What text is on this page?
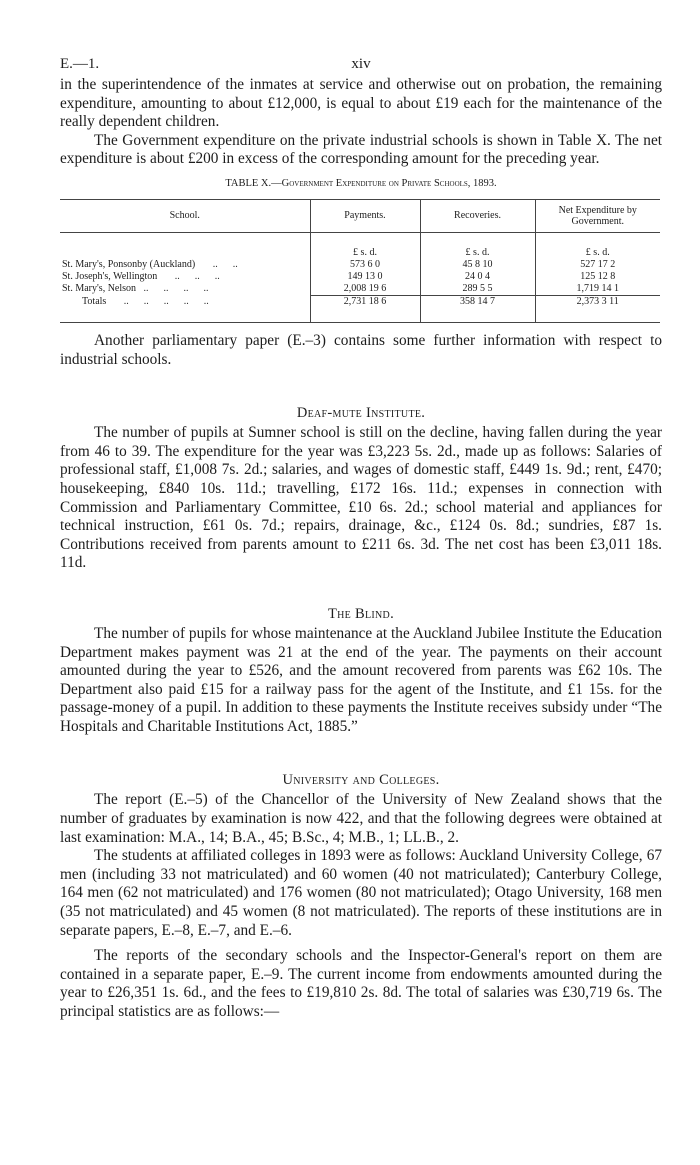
E.—1.	xiv

in the superintendence of the inmates at service and otherwise out on probation, the remaining expenditure, amounting to about £12,000, is equal to about £19 each for the maintenance of the really dependent children.

The Government expenditure on the private industrial schools is shown in Table X. The net expenditure is about £200 in excess of the corresponding amount for the preceding year.

TABLE X.—Government Expenditure on Private Schools, 1893.
School.	Payments.	Recoveries.	Net Expenditure by Government.

	£ s. d.	£ s. d.	£ s. d.
St. Mary's, Ponsonby (Auckland)       ..      ..	573 6 0	45 8 10	527 17 2
St. Joseph's, Wellington       ..      ..      ..	149 13 0	24 0 4	125 12 8
St. Mary's, Nelson   ..      ..      ..      ..	2,008 19 6	289 5 5	1,719 14 1
Totals       ..      ..      ..      ..      ..	2,731 18 6	358 14 7	2,373 3 11

Another parliamentary paper (E.–3) contains some further information with respect to industrial schools.

Deaf-mute Institute.

The number of pupils at Sumner school is still on the decline, having fallen during the year from 46 to 39. The expenditure for the year was £3,223 5s. 2d., made up as follows: Salaries of professional staff, £1,008 7s. 2d.; salaries, and wages of domestic staff, £449 1s. 9d.; rent, £470; housekeeping, £840 10s. 11d.; travelling, £172 16s. 11d.; expenses in connection with Commission and Parliamentary Committee, £10 6s. 2d.; school material and appliances for technical instruction, £61 0s. 7d.; repairs, drainage, &c., £124 0s. 8d.; sundries, £87 1s. Contributions received from parents amount to £211 6s. 3d. The net cost has been £3,011 18s. 11d.

The Blind.

The number of pupils for whose maintenance at the Auckland Jubilee Institute the Education Department makes payment was 21 at the end of the year. The payments on their account amounted during the year to £526, and the amount recovered from parents was £62 10s. The Department also paid £15 for a railway pass for the agent of the Institute, and £1 15s. for the passage-money of a pupil. In addition to these payments the Institute receives subsidy under “The Hospitals and Charitable Institutions Act, 1885.”

University and Colleges.

The report (E.–5) of the Chancellor of the University of New Zealand shows that the number of graduates by examination is now 422, and that the following degrees were obtained at last examination: M.A., 14; B.A., 45; B.Sc., 4; M.B., 1; LL.B., 2.

The students at affiliated colleges in 1893 were as follows: Auckland University College, 67 men (including 33 not matriculated) and 60 women (40 not matriculated); Canterbury College, 164 men (62 not matriculated) and 176 women (80 not matriculated); Otago University, 168 men (35 not matriculated) and 45 women (8 not matriculated). The reports of these institutions are in separate papers, E.–8, E.–7, and E.–6.

The reports of the secondary schools and the Inspector-General's report on them are contained in a separate paper, E.–9. The current income from endowments amounted during the year to £26,351 1s. 6d., and the fees to £19,810 2s. 8d. The total of salaries was £30,719 6s. The principal statistics are as follows:—
